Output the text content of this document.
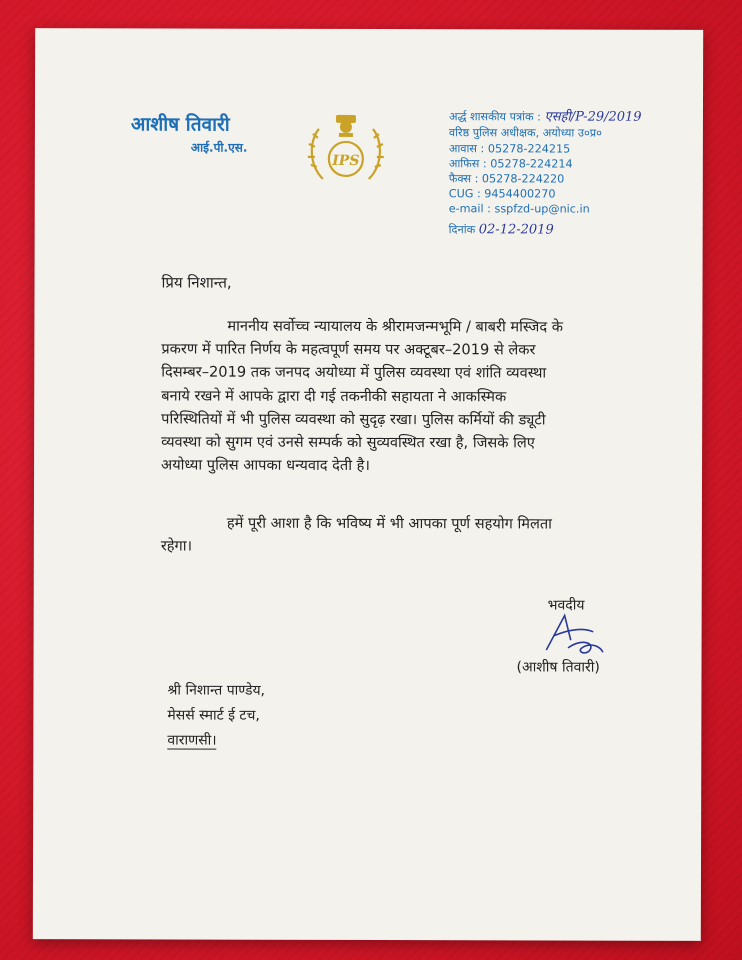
आशीष तिवारी
आई.पी.एस.
IPS
अर्द्ध शासकीय पत्रांक : एसही/P-29/2019
वरिष्ठ पुलिस अधीक्षक, अयोध्या उ०प्र०
आवास : 05278-224215
आफिस : 05278-224214
फैक्स : 05278-224220
CUG : 9454400270
e-mail : sspfzd-up@nic.in
दिनांक 02-12-2019
प्रिय निशान्त,
माननीय सर्वोच्च न्यायालय के श्रीरामजन्मभूमि / बाबरी मस्जिद के
प्रकरण में पारित निर्णय के महत्वपूर्ण समय पर अक्टूबर–2019 से लेकर
दिसम्बर–2019 तक जनपद अयोध्या में पुलिस व्यवस्था एवं शांति व्यवस्था
बनाये रखने में आपके द्वारा दी गई तकनीकी सहायता ने आकस्मिक
परिस्थितियों में भी पुलिस व्यवस्था को सुदृढ़ रखा। पुलिस कर्मियों की ड्यूटी
व्यवस्था को सुगम एवं उनसे सम्पर्क को सुव्यवस्थित रखा है, जिसके लिए
अयोध्या पुलिस आपका धन्यवाद देती है।
हमें पूरी आशा है कि भविष्य में भी आपका पूर्ण सहयोग मिलता
रहेगा।
भवदीय
(आशीष तिवारी)
श्री निशान्त पाण्डेय,
मेसर्स स्मार्ट ई टच,
वाराणसी।
